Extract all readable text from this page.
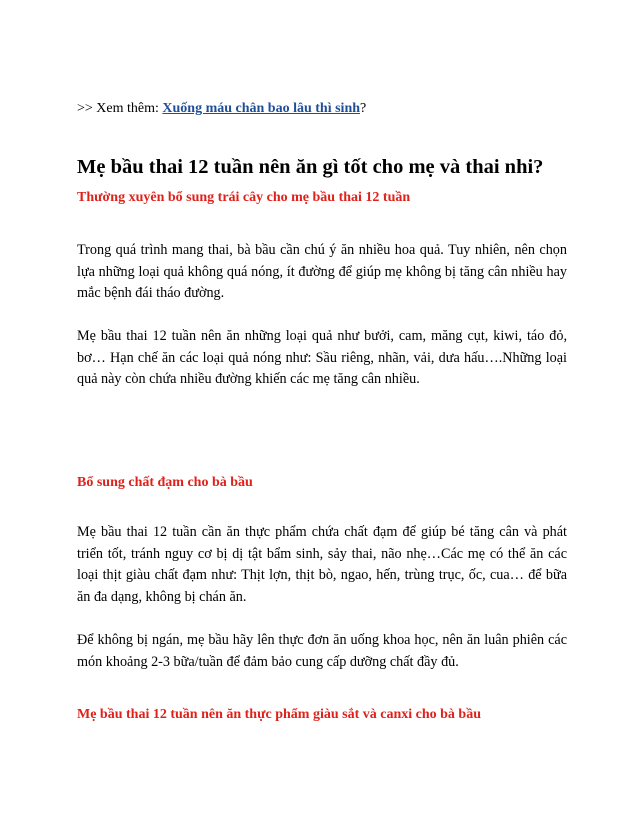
>> Xem thêm: Xuống máu chân bao lâu thì sinh?
Mẹ bầu thai 12 tuần nên ăn gì tốt cho mẹ và thai nhi?
Thường xuyên bổ sung trái cây cho mẹ bầu thai 12 tuần
Trong quá trình mang thai, bà bầu cần chú ý ăn nhiều hoa quả. Tuy nhiên, nên chọn lựa những loại quả không quá nóng, ít đường để giúp mẹ không bị tăng cân nhiều hay mắc bệnh đái tháo đường.
Mẹ bầu thai 12 tuần nên ăn những loại quả như bưởi, cam, măng cụt, kiwi, táo đỏ, bơ… Hạn chế ăn các loại quả nóng như: Sầu riêng, nhãn, vải, dưa hấu….Những loại quả này còn chứa nhiều đường khiến các mẹ tăng cân nhiều.
Bổ sung chất đạm cho bà bầu
Mẹ bầu thai 12 tuần cần ăn thực phẩm chứa chất đạm để giúp bé tăng cân và phát triển tốt, tránh nguy cơ bị dị tật bẩm sinh, sảy thai, não nhẹ…Các mẹ có thể ăn các loại thịt giàu chất đạm như: Thịt lợn, thịt bò, ngao, hến, trùng trục, ốc, cua… để bữa ăn đa dạng, không bị chán ăn.
Để không bị ngán, mẹ bầu hãy lên thực đơn ăn uống khoa học, nên ăn luân phiên các món khoảng 2-3 bữa/tuần để đảm bảo cung cấp dưỡng chất đầy đủ.
Mẹ bầu thai 12 tuần nên ăn thực phẩm giàu sắt và canxi cho bà bầu
